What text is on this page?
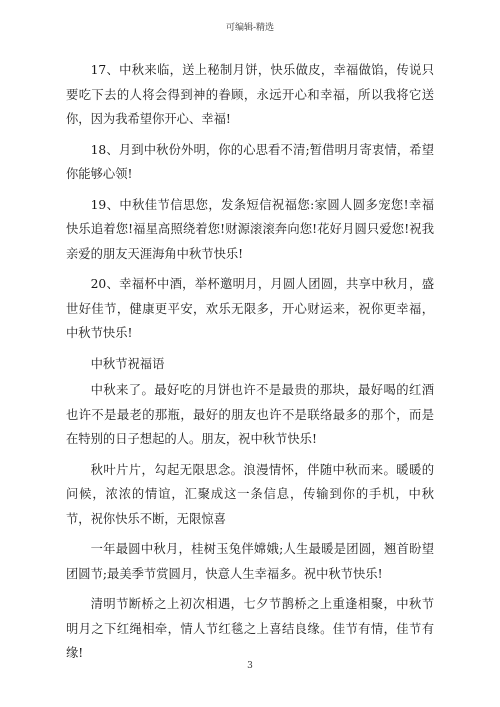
可编辑-精选

17、中秋来临，送上秘制月饼，快乐做皮，幸福做馅，传说只要吃下去的人将会得到神的眷顾，永远开心和幸福，所以我将它送你，因为我希望你开心、幸福!

18、月到中秋份外明，你的心思看不清;暂借明月寄衷情，希望你能够心领!

19、中秋佳节信思您，发条短信祝福您:家圆人圆多宠您!幸福快乐追着您!福星高照绕着您!财源滚滚奔向您!花好月圆只爱您!祝我亲爱的朋友天涯海角中秋节快乐!

20、幸福杯中酒，举杯邀明月，月圆人团圆，共享中秋月，盛世好佳节，健康更平安，欢乐无限多，开心财运来，祝你更幸福，中秋节快乐!

中秋节祝福语

中秋来了。最好吃的月饼也许不是最贵的那块，最好喝的红酒也许不是最老的那瓶，最好的朋友也许不是联络最多的那个，而是在特别的日子想起的人。朋友，祝中秋节快乐!

秋叶片片，勾起无限思念。浪漫情怀，伴随中秋而来。暖暖的问候，浓浓的情谊，汇聚成这一条信息，传输到你的手机，中秋节，祝你快乐不断，无限惊喜

一年最圆中秋月，桂树玉兔伴嫦娥;人生最暖是团圆，翘首盼望团圆节;最美季节赏圆月，快意人生幸福多。祝中秋节快乐!

清明节断桥之上初次相遇，七夕节鹊桥之上重逢相聚，中秋节明月之下红绳相牵，情人节红毯之上喜结良缘。佳节有情，佳节有缘!

3
